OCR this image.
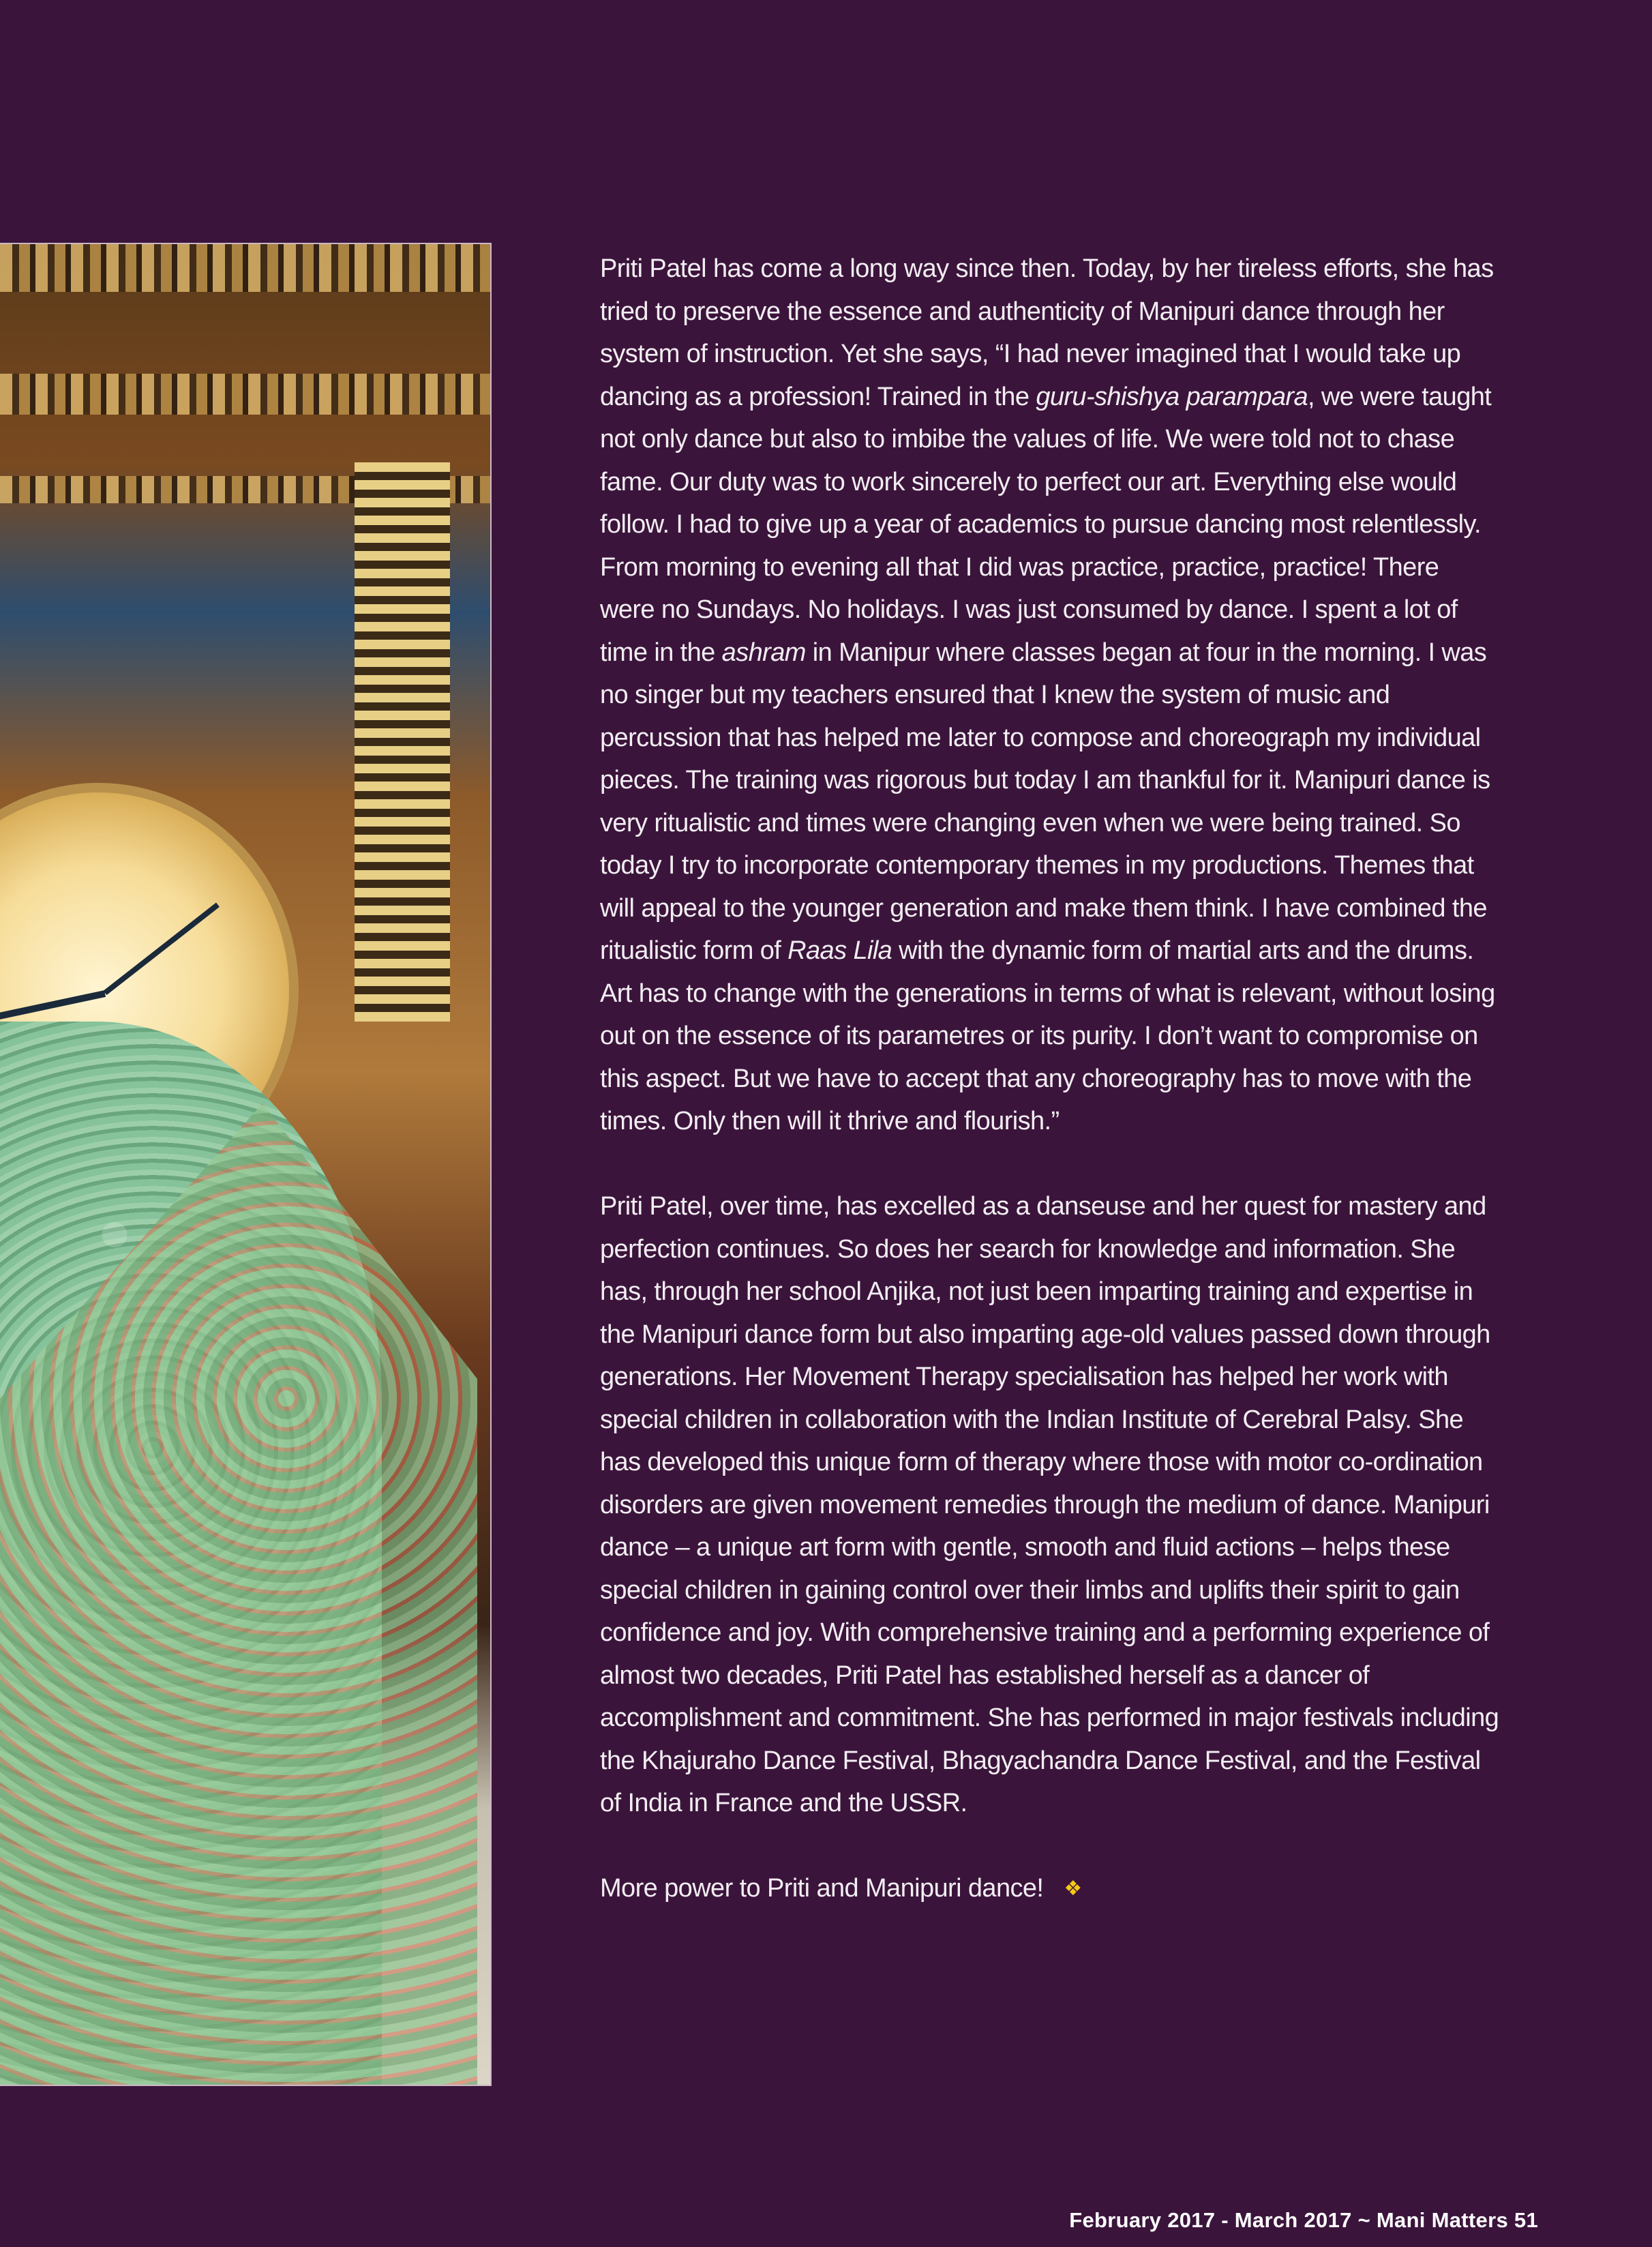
Priti Patel has come a long way since then. Today, by her tireless efforts, she has tried to preserve the essence and authenticity of Manipuri dance through her system of instruction. Yet she says, “I had never imagined that I would take up dancing as a profession! Trained in the guru-shishya parampara, we were taught not only dance but also to imbibe the values of life. We were told not to chase fame. Our duty was to work sincerely to perfect our art. Everything else would follow. I had to give up a year of academics to pursue dancing most relentlessly. From morning to evening all that I did was practice, practice, practice! There were no Sundays. No holidays. I was just consumed by dance. I spent a lot of time in the ashram in Manipur where classes began at four in the morning. I was no singer but my teachers ensured that I knew the system of music and percussion that has helped me later to compose and choreograph my individual pieces. The training was rigorous but today I am thankful for it. Manipuri dance is very ritualistic and times were changing even when we were being trained. So today I try to incorporate contemporary themes in my productions. Themes that will appeal to the younger generation and make them think. I have combined the ritualistic form of Raas Lila with the dynamic form of martial arts and the drums. Art has to change with the generations in terms of what is relevant, without losing out on the essence of its parametres or its purity. I don’t want to compromise on this aspect. But we have to accept that any choreography has to move with the times. Only then will it thrive and flourish.”

Priti Patel, over time, has excelled as a danseuse and her quest for mastery and perfection continues. So does her search for knowledge and information. She has, through her school Anjika, not just been imparting training and expertise in the Manipuri dance form but also imparting age-old values passed down through generations. Her Movement Therapy specialisation has helped her work with special children in collaboration with the Indian Institute of Cerebral Palsy. She has developed this unique form of therapy where those with motor co-ordination disorders are given movement remedies through the medium of dance. Manipuri dance – a unique art form with gentle, smooth and fluid actions – helps these special children in gaining control over their limbs and uplifts their spirit to gain confidence and joy. With comprehensive training and a performing experience of almost two decades, Priti Patel has established herself as a dancer of accomplishment and commitment. She has performed in major festivals including the Khajuraho Dance Festival, Bhagyachandra Dance Festival, and the Festival of India in France and the USSR.

More power to Priti and Manipuri dance! ❖

February 2017 - March 2017 ~ Mani Matters 51
